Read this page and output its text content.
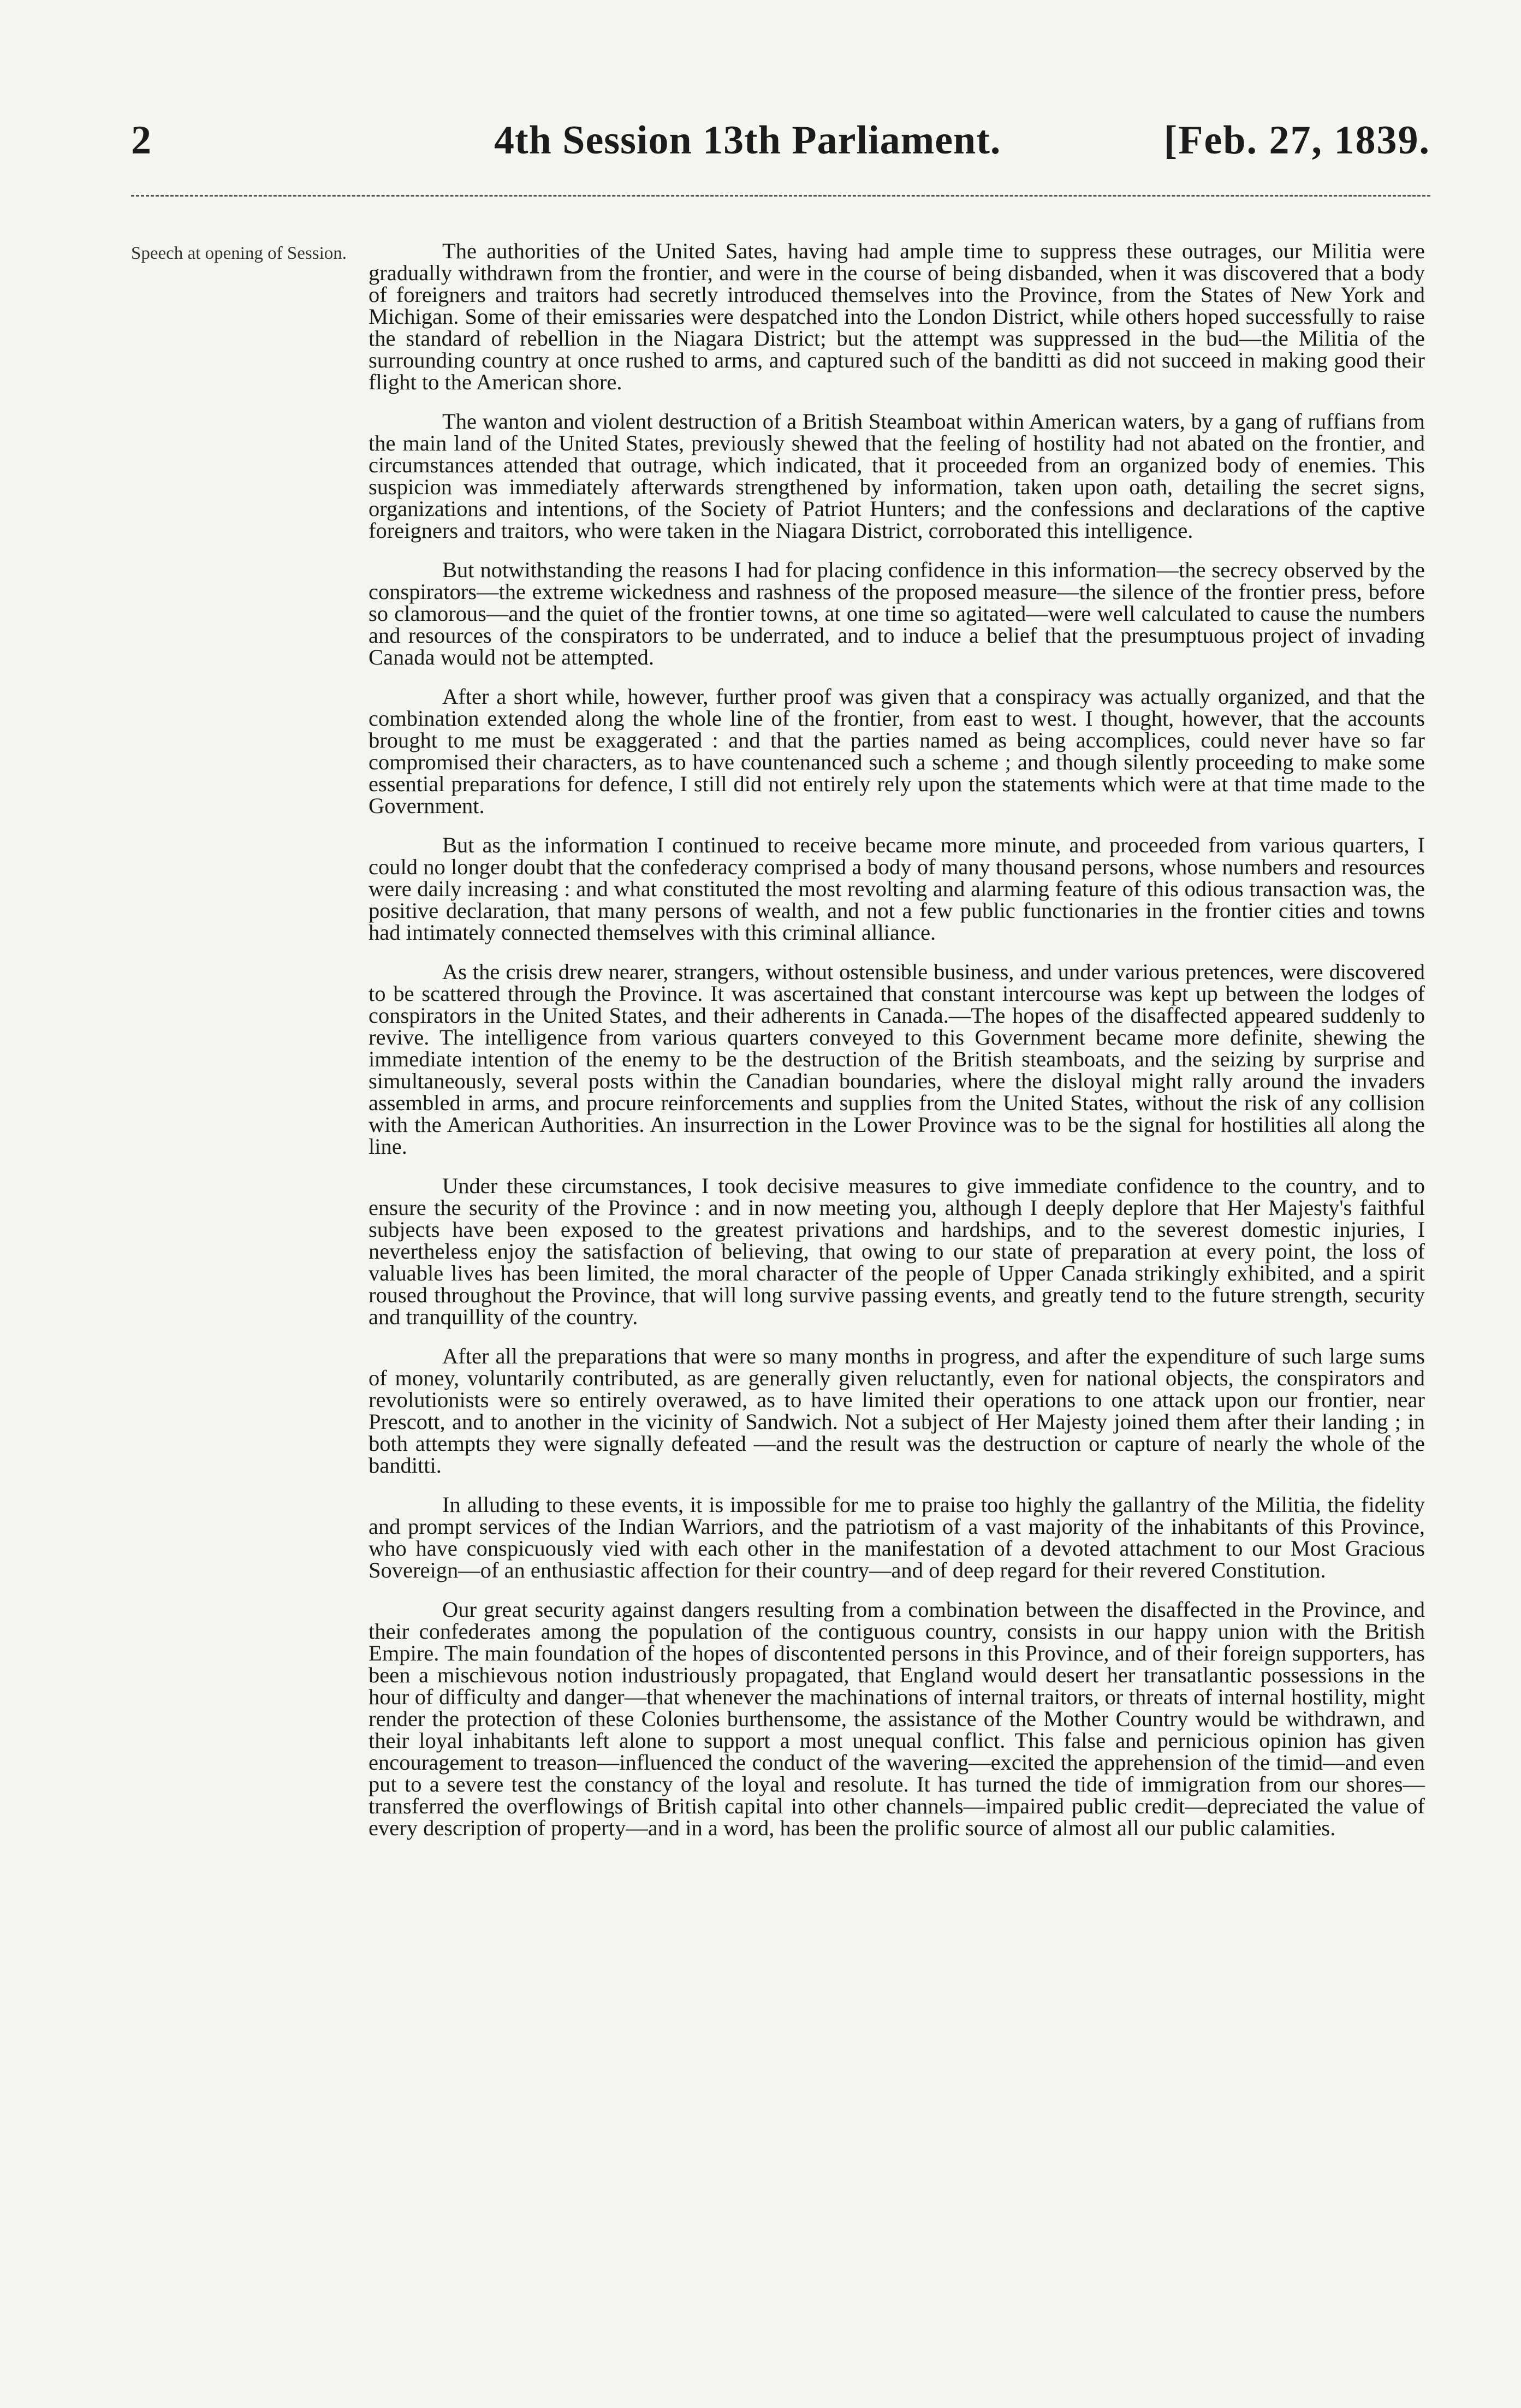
2	4th Session 13th Parliament.	[Feb. 27, 1839.
Speech at opening of Session.	The authorities of the United Sates, having had ample time to suppress these outrages, our Militia were gradually withdrawn from the frontier, and were in the course of being disbanded, when it was discovered that a body of foreigners and traitors had secretly introduced themselves into the Province, from the States of New York and Michigan. Some of their emissaries were despatched into the London District, while others hoped successfully to raise the standard of rebellion in the Niagara District; but the attempt was suppressed in the bud—the Militia of the surrounding country at once rushed to arms, and captured such of the banditti as did not succeed in making good their flight to the American shore.

The wanton and violent destruction of a British Steamboat within American waters, by a gang of ruffians from the main land of the United States, previously shewed that the feeling of hostility had not abated on the frontier, and circumstances attended that outrage, which indicated, that it proceeded from an organized body of enemies. This suspicion was immediately afterwards strengthened by information, taken upon oath, detailing the secret signs, organizations and intentions, of the Society of Patriot Hunters; and the confessions and declarations of the captive foreigners and traitors, who were taken in the Niagara District, corroborated this intelligence.

But notwithstanding the reasons I had for placing confidence in this information—the secrecy observed by the conspirators—the extreme wickedness and rashness of the proposed measure—the silence of the frontier press, before so clamorous—and the quiet of the frontier towns, at one time so agitated—were well calculated to cause the numbers and resources of the conspirators to be underrated, and to induce a belief that the presumptuous project of invading Canada would not be attempted.

After a short while, however, further proof was given that a conspiracy was actually organized, and that the combination extended along the whole line of the frontier, from east to west. I thought, however, that the accounts brought to me must be exaggerated : and that the parties named as being accomplices, could never have so far compromised their characters, as to have countenanced such a scheme ; and though silently proceeding to make some essential preparations for defence, I still did not entirely rely upon the statements which were at that time made to the Government.

But as the information I continued to receive became more minute, and proceeded from various quarters, I could no longer doubt that the confederacy comprised a body of many thousand persons, whose numbers and resources were daily increasing : and what constituted the most revolting and alarming feature of this odious transaction was, the positive declaration, that many persons of wealth, and not a few public functionaries in the frontier cities and towns had intimately connected themselves with this criminal alliance.

As the crisis drew nearer, strangers, without ostensible business, and under various pretences, were discovered to be scattered through the Province. It was ascertained that constant intercourse was kept up between the lodges of conspirators in the United States, and their adherents in Canada.—The hopes of the disaffected appeared suddenly to revive. The intelligence from various quarters conveyed to this Government became more definite, shewing the immediate intention of the enemy to be the destruction of the British steamboats, and the seizing by surprise and simultaneously, several posts within the Canadian boundaries, where the disloyal might rally around the invaders assembled in arms, and procure reinforcements and supplies from the United States, without the risk of any collision with the American Authorities. An insurrection in the Lower Province was to be the signal for hostilities all along the line.

Under these circumstances, I took decisive measures to give immediate confidence to the country, and to ensure the security of the Province : and in now meeting you, although I deeply deplore that Her Majesty's faithful subjects have been exposed to the greatest privations and hardships, and to the severest domestic injuries, I nevertheless enjoy the satisfaction of believing, that owing to our state of preparation at every point, the loss of valuable lives has been limited, the moral character of the people of Upper Canada strikingly exhibited, and a spirit roused throughout the Province, that will long survive passing events, and greatly tend to the future strength, security and tranquillity of the country.

After all the preparations that were so many months in progress, and after the expenditure of such large sums of money, voluntarily contributed, as are generally given reluctantly, even for national objects, the conspirators and revolutionists were so entirely overawed, as to have limited their operations to one attack upon our frontier, near Prescott, and to another in the vicinity of Sandwich. Not a subject of Her Majesty joined them after their landing ; in both attempts they were signally defeated —and the result was the destruction or capture of nearly the whole of the banditti.

In alluding to these events, it is impossible for me to praise too highly the gallantry of the Militia, the fidelity and prompt services of the Indian Warriors, and the patriotism of a vast majority of the inhabitants of this Province, who have conspicuously vied with each other in the manifestation of a devoted attachment to our Most Gracious Sovereign—of an enthusiastic affection for their country—and of deep regard for their revered Constitution.

Our great security against dangers resulting from a combination between the disaffected in the Province, and their confederates among the population of the contiguous country, consists in our happy union with the British Empire. The main foundation of the hopes of discontented persons in this Province, and of their foreign supporters, has been a mischievous notion industriously propagated, that England would desert her transatlantic possessions in the hour of difficulty and danger—that whenever the machinations of internal traitors, or threats of internal hostility, might render the protection of these Colonies burthensome, the assistance of the Mother Country would be withdrawn, and their loyal inhabitants left alone to support a most unequal conflict. This false and pernicious opinion has given encouragement to treason—influenced the conduct of the wavering—excited the apprehension of the timid—and even put to a severe test the constancy of the loyal and resolute. It has turned the tide of immigration from our shores—transferred the overflowings of British capital into other channels—impaired public credit—depreciated the value of every description of property—and in a word, has been the prolific source of almost all our public calamities.
